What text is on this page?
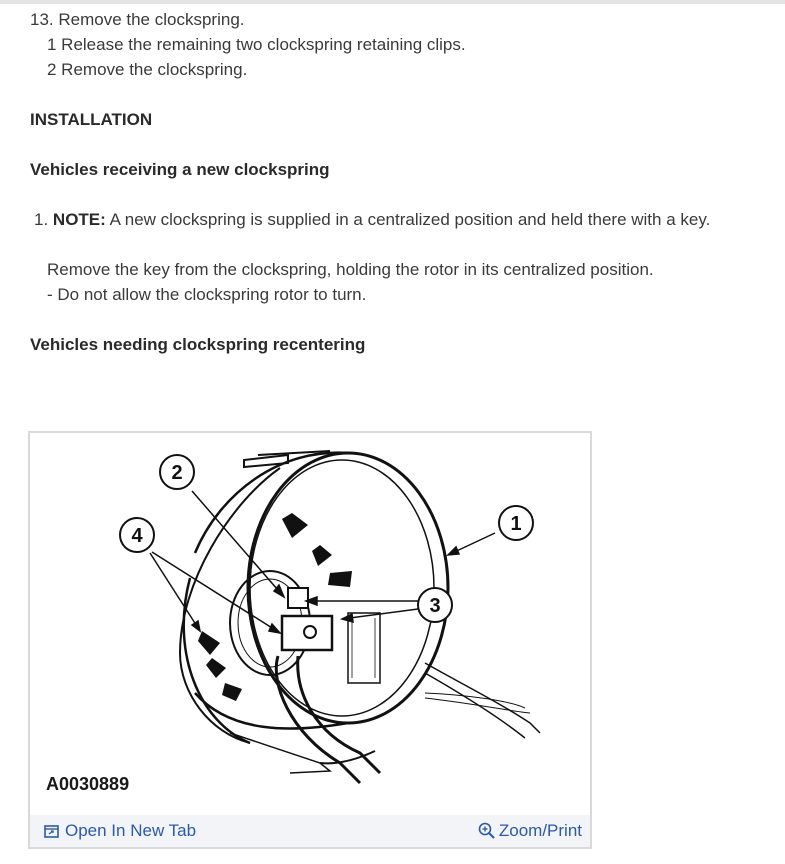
13. Remove the clockspring.
1 Release the remaining two clockspring retaining clips.
2 Remove the clockspring.
INSTALLATION
Vehicles receiving a new clockspring
1. NOTE: A new clockspring is supplied in a centralized position and held there with a key.
Remove the key from the clockspring, holding the rotor in its centralized position.
- Do not allow the clockspring rotor to turn.
Vehicles needing clockspring recentering
2
4
1
3
A0030889
Open In New Tab	Zoom/Print
